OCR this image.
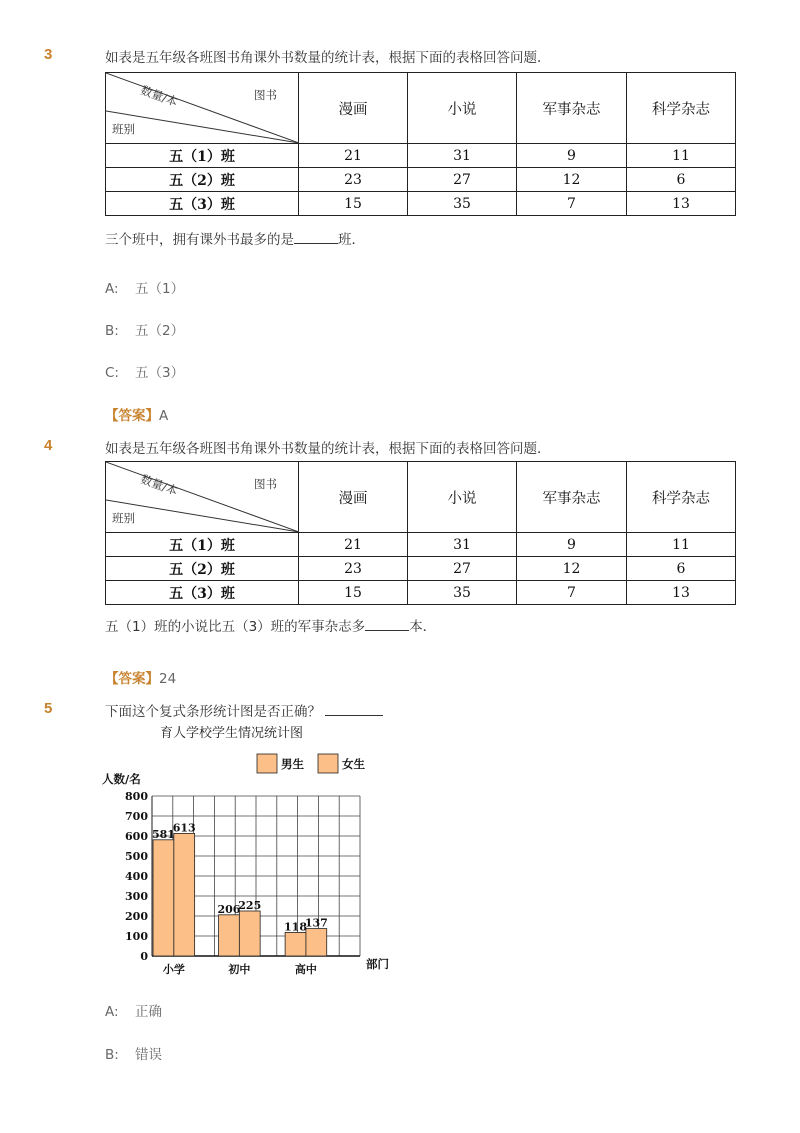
3	如表是五年级各班图书角课外书数量的统计表，根据下面的表格回答问题．
图书
数量/本
班别	漫画	小说	军事杂志	科学杂志
五（1）班	21	31	9	11
五（2）班	23	27	12	6
五（3）班	15	35	7	13
三个班中，拥有课外书最多的是	班．
A: 五（1）
B: 五（2）
C: 五（3）
【答案】A
4	如表是五年级各班图书角课外书数量的统计表，根据下面的表格回答问题．
图书
数量/本
班别	漫画	小说	军事杂志	科学杂志
五（1）班	21	31	9	11
五（2）班	23	27	12	6
五（3）班	15	35	7	13
五（1）班的小说比五（3）班的军事杂志多	本．
【答案】24
5	下面这个复式条形统计图是否正确？
育人学校学生情况统计图
0
100
200
300
400
500
600
700
800
581
613
小学
206
225
初中
118
137
高中
人数/名
部门
男生	女生
A: 正确
B: 错误
